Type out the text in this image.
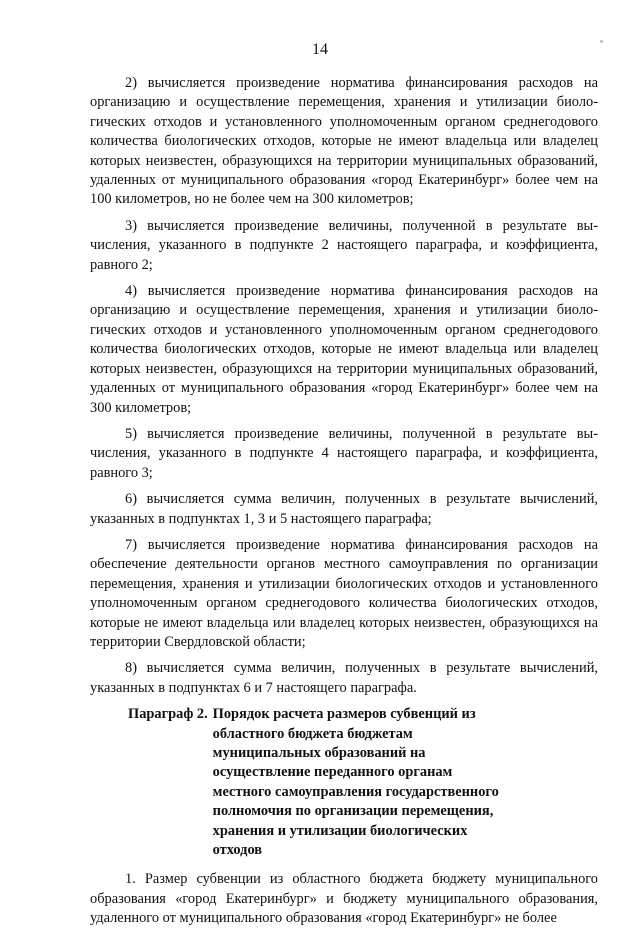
14

2) вычисляется произведение норматива финансирования расходов на организацию и осуществление перемещения, хранения и утилизации биологических отходов и установленного уполномоченным органом среднегодового количества биологических отходов, которые не имеют владельца или владелец которых неизвестен, образующихся на территории муниципальных образований, удаленных от муниципального образования «город Екатеринбург» более чем на 100 километров, но не более чем на 300 километров;

3) вычисляется произведение величины, полученной в результате вычисления, указанного в подпункте 2 настоящего параграфа, и коэффициента, равного 2;

4) вычисляется произведение норматива финансирования расходов на организацию и осуществление перемещения, хранения и утилизации биологических отходов и установленного уполномоченным органом среднегодового количества биологических отходов, которые не имеют владельца или владелец которых неизвестен, образующихся на территории муниципальных образований, удаленных от муниципального образования «город Екатеринбург» более чем на 300 километров;

5) вычисляется произведение величины, полученной в результате вычисления, указанного в подпункте 4 настоящего параграфа, и коэффициента, равного 3;

6) вычисляется сумма величин, полученных в результате вычислений, указанных в подпунктах 1, 3 и 5 настоящего параграфа;

7) вычисляется произведение норматива финансирования расходов на обеспечение деятельности органов местного самоуправления по организации перемещения, хранения и утилизации биологических отходов и установленного уполномоченным органом среднегодового количества биологических отходов, которые не имеют владельца или владелец которых неизвестен, образующихся на территории Свердловской области;

8) вычисляется сумма величин, полученных в результате вычислений, указанных в подпунктах 6 и 7 настоящего параграфа.

Параграф 2. Порядок расчета размеров субвенций из областного бюджета бюджетам муниципальных образований на осуществление переданного органам местного самоуправления государственного полномочия по организации перемещения, хранения и утилизации биологических отходов

1. Размер субвенции из областного бюджета бюджету муниципального образования «город Екатеринбург» и бюджету муниципального образования, удаленного от муниципального образования «город Екатеринбург» не более
